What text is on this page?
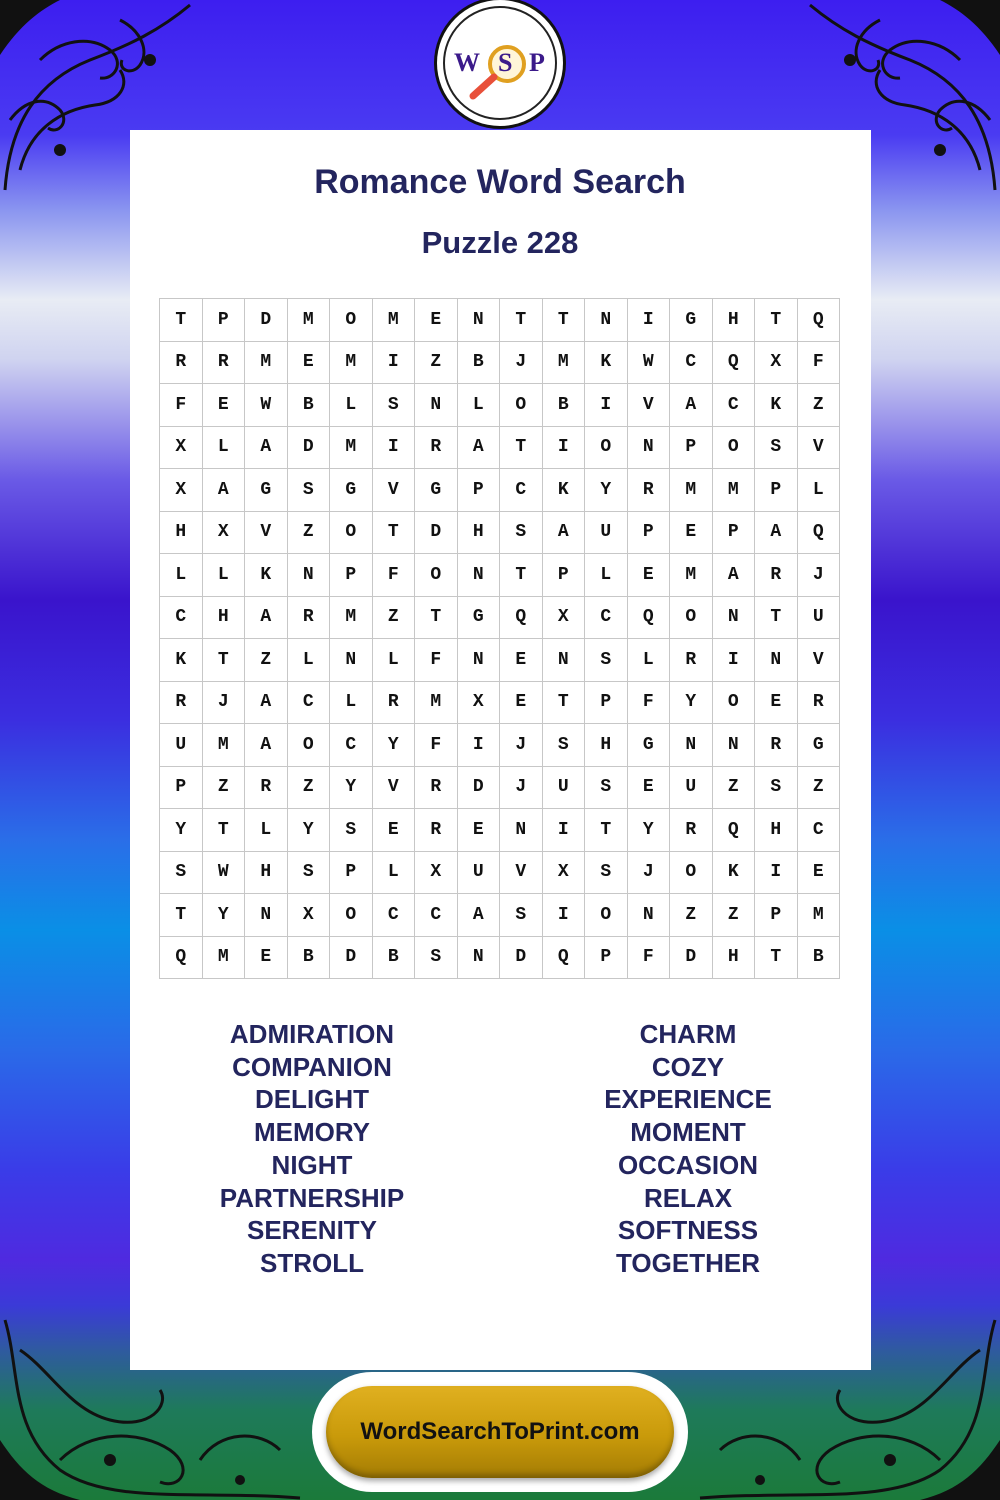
W S P
Romance Word Search
Puzzle 228
T	P	D	M	O	M	E	N	T	T	N	I	G	H	T	Q
R	R	M	E	M	I	Z	B	J	M	K	W	C	Q	X	F
F	E	W	B	L	S	N	L	O	B	I	V	A	C	K	Z
X	L	A	D	M	I	R	A	T	I	O	N	P	O	S	V
X	A	G	S	G	V	G	P	C	K	Y	R	M	M	P	L
H	X	V	Z	O	T	D	H	S	A	U	P	E	P	A	Q
L	L	K	N	P	F	O	N	T	P	L	E	M	A	R	J
C	H	A	R	M	Z	T	G	Q	X	C	Q	O	N	T	U
K	T	Z	L	N	L	F	N	E	N	S	L	R	I	N	V
R	J	A	C	L	R	M	X	E	T	P	F	Y	O	E	R
U	M	A	O	C	Y	F	I	J	S	H	G	N	N	R	G
P	Z	R	Z	Y	V	R	D	J	U	S	E	U	Z	S	Z
Y	T	L	Y	S	E	R	E	N	I	T	Y	R	Q	H	C
S	W	H	S	P	L	X	U	V	X	S	J	O	K	I	E
T	Y	N	X	O	C	C	A	S	I	O	N	Z	Z	P	M
Q	M	E	B	D	B	S	N	D	Q	P	F	D	H	T	B
ADMIRATION
COMPANION
DELIGHT
MEMORY
NIGHT
PARTNERSHIP
SERENITY
STROLL
CHARM
COZY
EXPERIENCE
MOMENT
OCCASION
RELAX
SOFTNESS
TOGETHER
WordSearchToPrint.com
